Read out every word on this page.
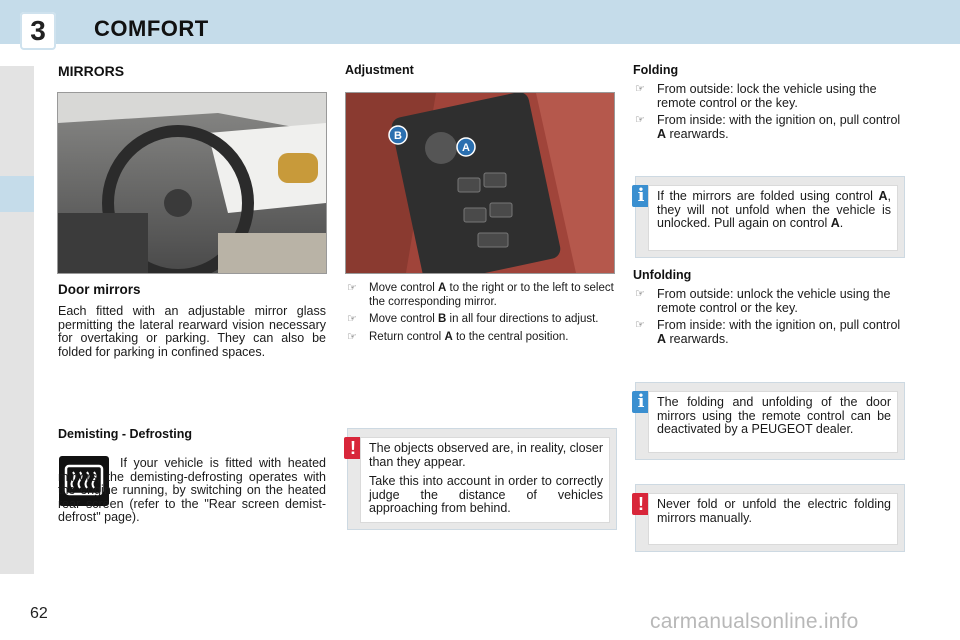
3	COMFORT
MIRRORS
Door mirrors

Each fitted with an adjustable mirror glass permitting the lateral rearward vision necessary for overtaking or parking. They can also be folded for parking in confined spaces.

Demisting - Defrosting

If your vehicle is fitted with heated mirrors, the demisting-defrosting operates with the engine running, by switching on the heated rear screen (refer to the "Rear screen demist-defrost" page).

Adjustment
B
A
☞ Move control A to the right or to the left to select the corresponding mirror.
☞ Move control B in all four directions to adjust.
☞ Return control A to the central position.
!	The objects observed are, in reality, closer than they appear.

Take this into account in order to correctly judge the distance of vehicles approaching from behind.

Folding
☞ From outside: lock the vehicle using the remote control or the key.
☞ From inside: with the ignition on, pull control A rearwards.
i	If the mirrors are folded using control A, they will not unfold when the vehicle is unlocked. Pull again on control A.
Unfolding
☞ From outside: unlock the vehicle using the remote control or the key.
☞ From inside: with the ignition on, pull control A rearwards.
i	The folding and unfolding of the door mirrors using the remote control can be deactivated by a PEUGEOT dealer.
!	Never fold or unfold the electric folding mirrors manually.
62	carmanualsonline.info
